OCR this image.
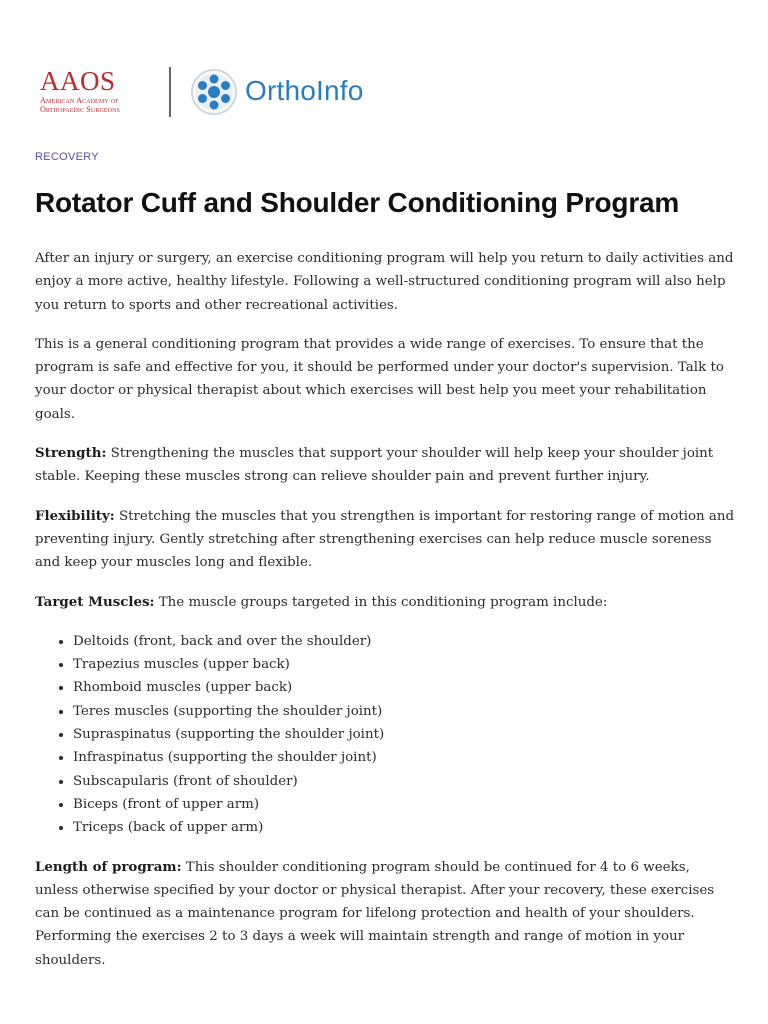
AAOS
American Academy of
Orthopaedic Surgeons
OrthoInfo
RECOVERY
Rotator Cuff and Shoulder Conditioning Program

After an injury or surgery, an exercise conditioning program will help you return to daily activities and enjoy a more active, healthy lifestyle. Following a well-structured conditioning program will also help you return to sports and other recreational activities.

This is a general conditioning program that provides a wide range of exercises. To ensure that the program is safe and effective for you, it should be performed under your doctor's supervision. Talk to your doctor or physical therapist about which exercises will best help you meet your rehabilitation goals.

Strength: Strengthening the muscles that support your shoulder will help keep your shoulder joint stable. Keeping these muscles strong can relieve shoulder pain and prevent further injury.

Flexibility: Stretching the muscles that you strengthen is important for restoring range of motion and preventing injury. Gently stretching after strengthening exercises can help reduce muscle soreness and keep your muscles long and flexible.

Target Muscles: The muscle groups targeted in this conditioning program include:

• Deltoids (front, back and over the shoulder)
• Trapezius muscles (upper back)
• Rhomboid muscles (upper back)
• Teres muscles (supporting the shoulder joint)
• Supraspinatus (supporting the shoulder joint)
• Infraspinatus (supporting the shoulder joint)
• Subscapularis (front of shoulder)
• Biceps (front of upper arm)
• Triceps (back of upper arm)

Length of program: This shoulder conditioning program should be continued for 4 to 6 weeks, unless otherwise specified by your doctor or physical therapist. After your recovery, these exercises can be continued as a maintenance program for lifelong protection and health of your shoulders. Performing the exercises 2 to 3 days a week will maintain strength and range of motion in your shoulders.
